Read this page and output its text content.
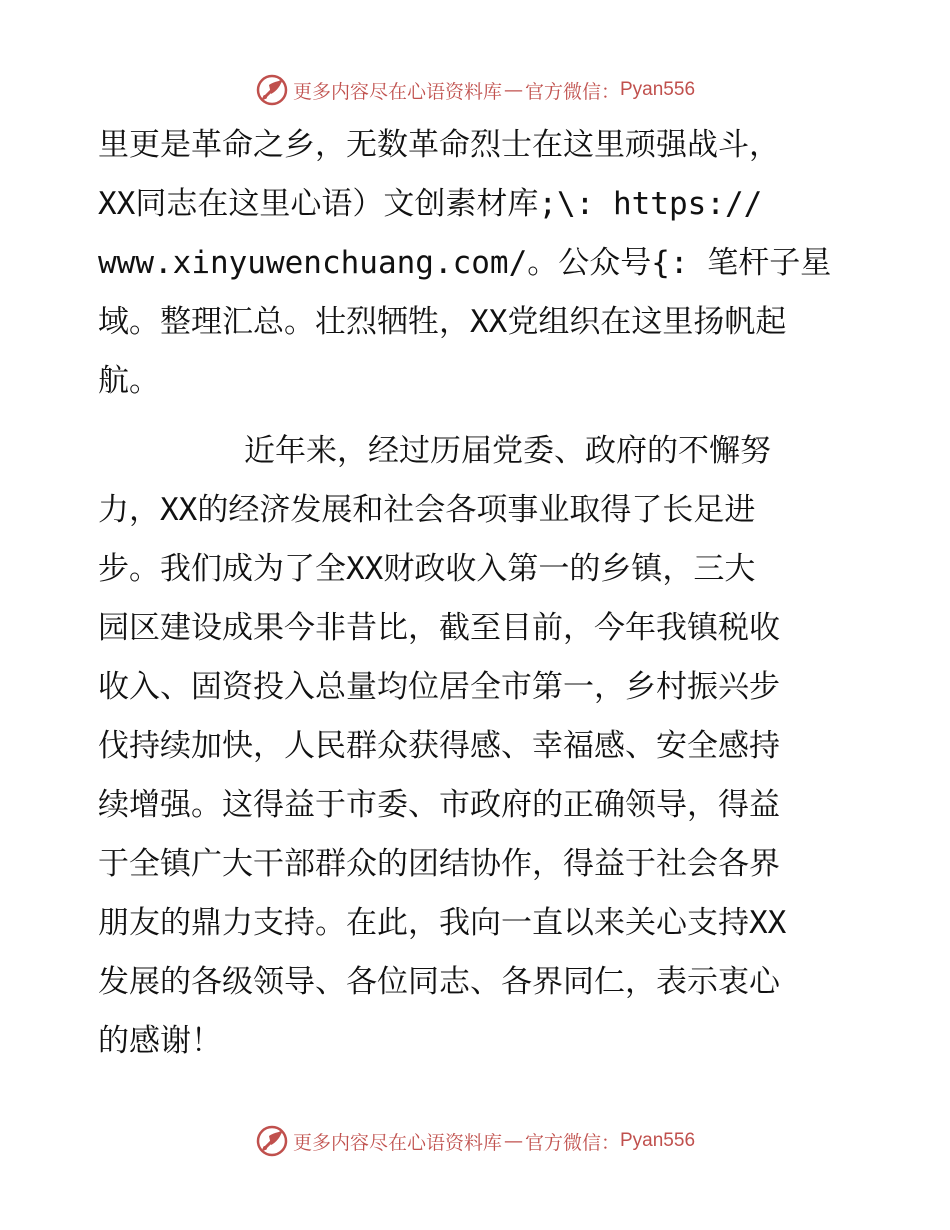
更多内容尽在心语资料库 — 官方微信： Pyan556
里更是革命之乡，无数革命烈士在这里顽强战斗，
XX同志在这里心语）文创素材库;\: https://
www.xinyuwenchuang.com/。公众号{: 笔杆子星
域。整理汇总。壮烈牺牲，XX党组织在这里扬帆起
航。
近年来，经过历届党委、政府的不懈努
力，XX的经济发展和社会各项事业取得了长足进
步。我们成为了全XX财政收入第一的乡镇，三大
园区建设成果今非昔比，截至目前，今年我镇税收
收入、固资投入总量均位居全市第一，乡村振兴步
伐持续加快，人民群众获得感、幸福感、安全感持
续增强。这得益于市委、市政府的正确领导，得益
于全镇广大干部群众的团结协作，得益于社会各界
朋友的鼎力支持。在此，我向一直以来关心支持XX
发展的各级领导、各位同志、各界同仁，表示衷心
的感谢！
更多内容尽在心语资料库 — 官方微信： Pyan556
